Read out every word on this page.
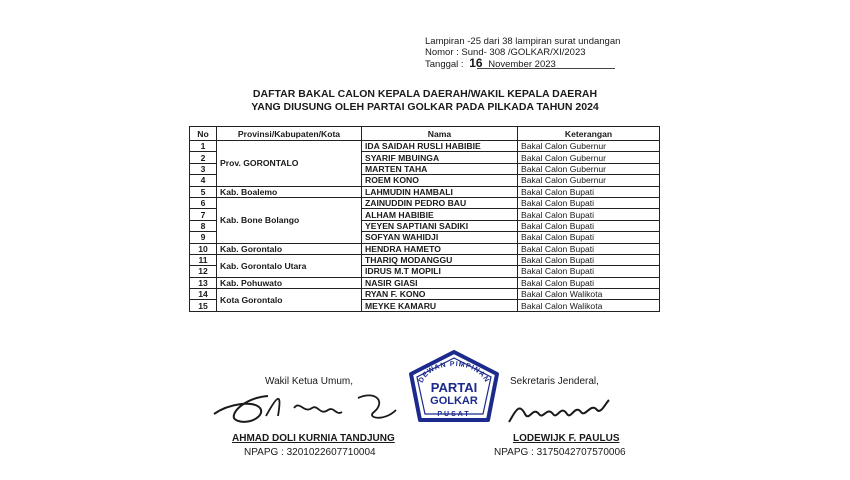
Lampiran -25 dari 38 lampiran surat undangan
Nomor : Sund- 308 /GOLKAR/XI/2023
Tanggal : 16 November 2023
DAFTAR BAKAL CALON KEPALA DAERAH/WAKIL KEPALA DAERAH
YANG DIUSUNG OLEH PARTAI GOLKAR PADA PILKADA TAHUN 2024
No	Provinsi/Kabupaten/Kota	Nama	Keterangan
1	Prov. GORONTALO	IDA SAIDAH RUSLI HABIBIE	Bakal Calon Gubernur
2		SYARIF MBUINGA	Bakal Calon Gubernur
3		MARTEN TAHA	Bakal Calon Gubernur
4		ROEM KONO	Bakal Calon Gubernur
5	Kab. Boalemo	LAHMUDIN HAMBALI	Bakal Calon Bupati
6	Kab. Bone Bolango	ZAINUDDIN PEDRO BAU	Bakal Calon Bupati
7		ALHAM HABIBIE	Bakal Calon Bupati
8		YEYEN SAPTIANI SADIKI	Bakal Calon Bupati
9		SOFYAN WAHIDJI	Bakal Calon Bupati
10	Kab. Gorontalo	HENDRA HAMETO	Bakal Calon Bupati
11	Kab. Gorontalo Utara	THARIQ MODANGGU	Bakal Calon Bupati
12		IDRUS M.T MOPILI	Bakal Calon Bupati
13	Kab. Pohuwato	NASIR GIASI	Bakal Calon Bupati
14	Kota Gorontalo	RYAN F. KONO	Bakal Calon Walikota
15		MEYKE KAMARU	Bakal Calon Walikota
Wakil Ketua Umum,
AHMAD DOLI KURNIA TANDJUNG
NPAPG : 3201022607710004
DEWAN PIMPINAN
PARTAI
GOLKAR
PUSAT
Sekretaris Jenderal,
LODEWIJK F. PAULUS
NPAPG : 3175042707570006
